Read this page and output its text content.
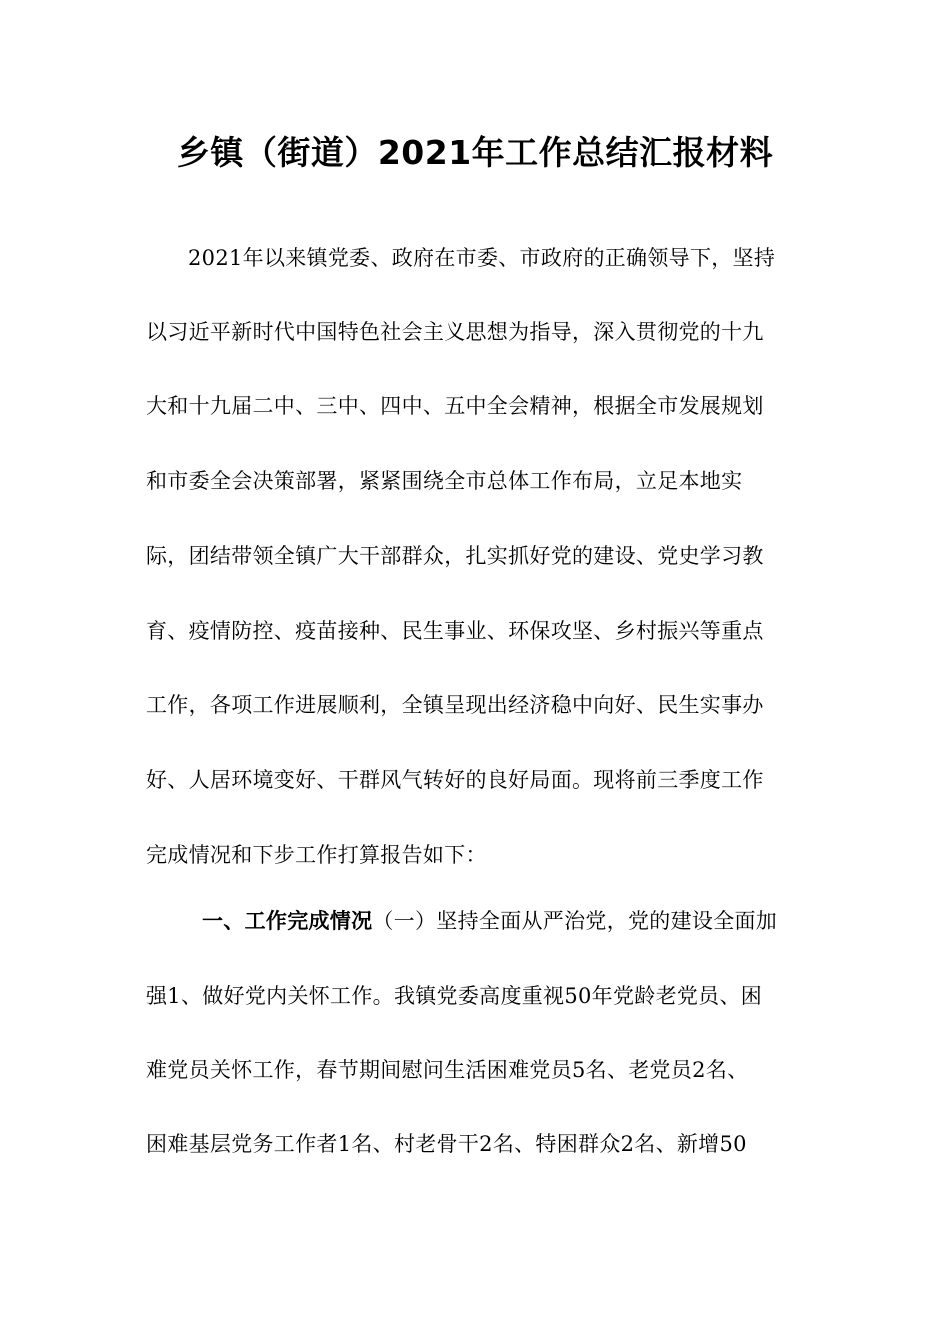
乡镇（街道）2021年工作总结汇报材料
2021年以来镇党委、政府在市委、市政府的正确领导下，坚持
以习近平新时代中国特色社会主义思想为指导，深入贯彻党的十九
大和十九届二中、三中、四中、五中全会精神，根据全市发展规划
和市委全会决策部署，紧紧围绕全市总体工作布局，立足本地实
际，团结带领全镇广大干部群众，扎实抓好党的建设、党史学习教
育、疫情防控、疫苗接种、民生事业、环保攻坚、乡村振兴等重点
工作，各项工作进展顺利，全镇呈现出经济稳中向好、民生实事办
好、人居环境变好、干群风气转好的良好局面。现将前三季度工作
完成情况和下步工作打算报告如下：
一、工作完成情况（一）坚持全面从严治党，党的建设全面加
强1、做好党内关怀工作。我镇党委高度重视50年党龄老党员、困
难党员关怀工作，春节期间慰问生活困难党员5名、老党员2名、
困难基层党务工作者1名、村老骨干2名、特困群众2名、新增50
